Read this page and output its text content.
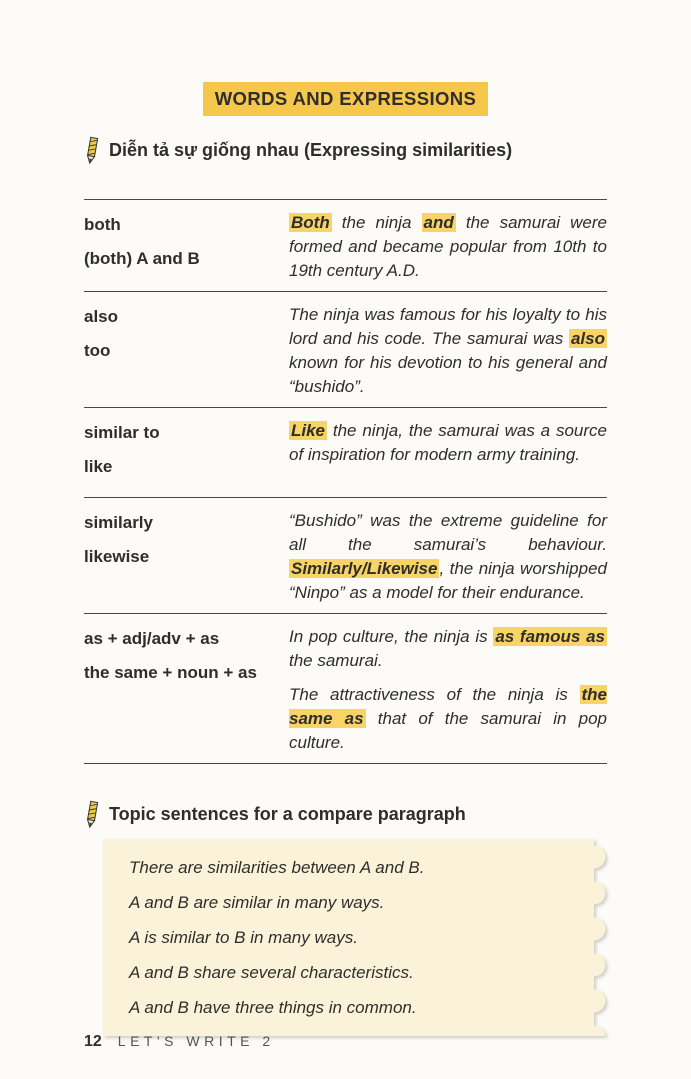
WORDS AND EXPRESSIONS
Diễn tả sự giống nhau (Expressing similarities)
both
(both) A and B

Both the ninja and the samurai were formed and became popular from 10th to 19th century A.D.

also
too

The ninja was famous for his loyalty to his lord and his code. The samurai was also known for his devotion to his general and “bushido”.

similar to
like

Like the ninja, the samurai was a source of inspiration for modern army training.

similarly
likewise

“Bushido” was the extreme guideline for all the samurai’s behaviour. Similarly/Likewise , the ninja worshipped “Ninpo” as a model for their endurance.

as + adj/adv + as
the same + noun + as

In pop culture, the ninja is as famous as the samurai.

The attractiveness of the ninja is the same as that of the samurai in pop culture.

Topic sentences for a compare paragraph
There are similarities between A and B.
A and B are similar in many ways.
A is similar to B in many ways.
A and B share several characteristics.
A and B have three things in common.
12 LET'S WRITE 2
